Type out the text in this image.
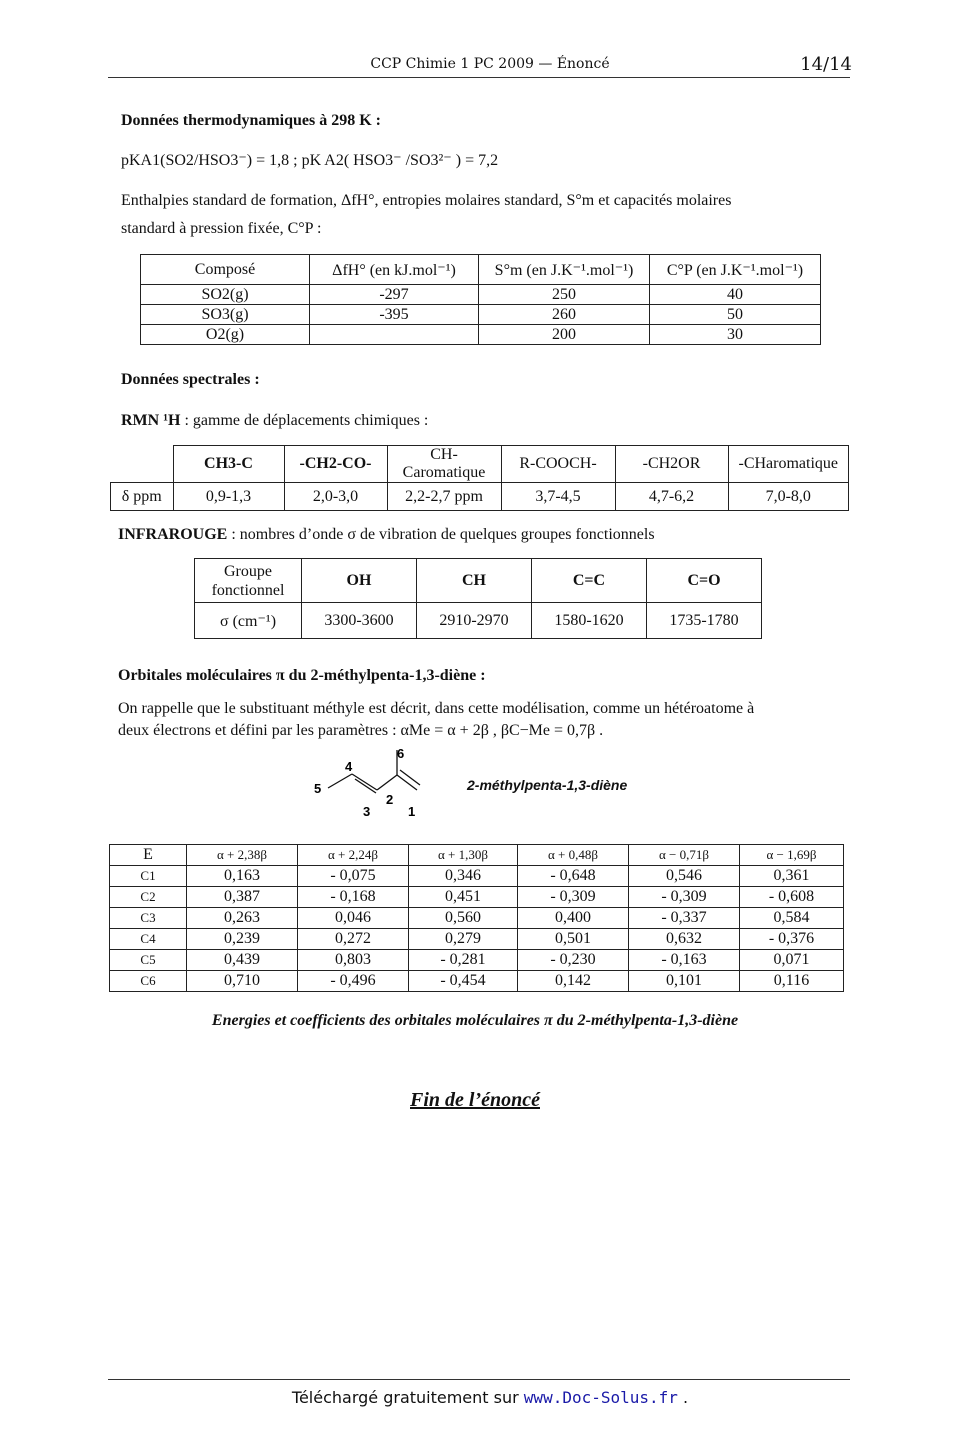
CCP Chimie 1 PC 2009 — Énoncé	14/14
Données thermodynamiques à 298 K :
pKA1(SO2/HSO3⁻) = 1,8 ; pK A2( HSO3⁻ /SO3²⁻ ) = 7,2
Enthalpies standard de formation, ΔfH°, entropies molaires standard, S°m et capacités molaires
standard à pression fixée, C°P :
Composé	ΔfH° (en kJ.mol⁻¹)	S°m (en J.K⁻¹.mol⁻¹)	C°P (en J.K⁻¹.mol⁻¹)
SO2(g)	-297	250	40
SO3(g)	-395	260	50
O2(g)		200	30
Données spectrales :
RMN ¹H : gamme de déplacements chimiques :
	CH3-C	-CH2-CO-	CH-Caromatique	R-COOCH-	-CH2OR	-CHaromatique
δ ppm	0,9-1,3	2,0-3,0	2,2-2,7 ppm	3,7-4,5	4,7-6,2	7,0-8,0
INFRAROUGE : nombres d’onde σ de vibration de quelques groupes fonctionnels
Groupe
fonctionnel	OH	CH	C=C	C=O
σ (cm⁻¹)	3300-3600	2910-2970	1580-1620	1735-1780
Orbitales moléculaires π du 2-méthylpenta-1,3-diène :
On rappelle que le substituant méthyle est décrit, dans cette modélisation, comme un hétéroatome à
deux électrons et défini par les paramètres : αMe = α + 2β , βC−Me = 0,7β .
1
2
3
4
5
6
2-méthylpenta-1,3-diène
E	α + 2,38β	α + 2,24β	α + 1,30β	α + 0,48β	α − 0,71β	α − 1,69β
C1	0,163	- 0,075	0,346	- 0,648	0,546	0,361
C2	0,387	- 0,168	0,451	- 0,309	- 0,309	- 0,608
C3	0,263	0,046	0,560	0,400	- 0,337	0,584
C4	0,239	0,272	0,279	0,501	0,632	- 0,376
C5	0,439	0,803	- 0,281	- 0,230	- 0,163	0,071
C6	0,710	- 0,496	- 0,454	0,142	0,101	0,116
Energies et coefficients des orbitales moléculaires π du 2-méthylpenta-1,3-diène
Fin de l’énoncé
Téléchargé gratuitement sur www.Doc-Solus.fr .
